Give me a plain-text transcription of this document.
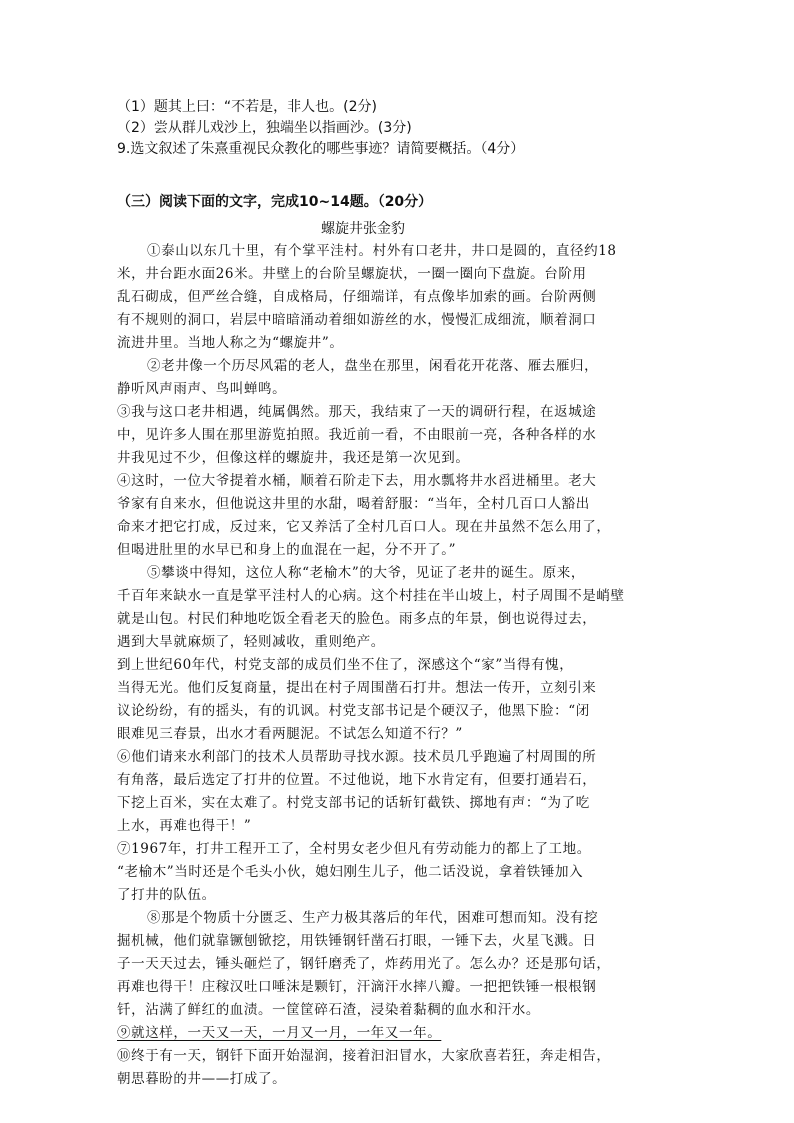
（1）题其上曰：“不若是，非人也。(2分)
（2）尝从群儿戏沙上，独端坐以指画沙。(3分)
9.选文叙述了朱熹重视民众教化的哪些事迹？请简要概括。（4分）
（三）阅读下面的文字，完成10~14题。（20分）
螺旋井张金豹
①泰山以东几十里，有个掌平洼村。村外有口老井，井口是圆的，直径约18
米，井台距水面26米。井壁上的台阶呈螺旋状，一圈一圈向下盘旋。台阶用
乱石砌成，但严丝合缝，自成格局，仔细端详，有点像毕加索的画。台阶两侧
有不规则的洞口，岩层中暗暗涌动着细如游丝的水，慢慢汇成细流，顺着洞口
流进井里。当地人称之为“螺旋井”。
②老井像一个历尽风霜的老人，盘坐在那里，闲看花开花落、雁去雁归，
静听风声雨声、鸟叫蝉鸣。
③我与这口老井相遇，纯属偶然。那天，我结束了一天的调研行程，在返城途
中，见许多人围在那里游览拍照。我近前一看，不由眼前一亮，各种各样的水
井我见过不少，但像这样的螺旋井，我还是第一次见到。
④这时，一位大爷提着水桶，顺着石阶走下去，用水瓢将井水舀进桶里。老大
爷家有自来水，但他说这井里的水甜，喝着舒服：“当年，全村几百口人豁出
命来才把它打成，反过来，它又养活了全村几百口人。现在井虽然不怎么用了，
但喝进肚里的水早已和身上的血混在一起，分不开了。”
⑤攀谈中得知，这位人称“老榆木”的大爷，见证了老井的诞生。原来，
千百年来缺水一直是掌平洼村人的心病。这个村挂在半山坡上，村子周围不是峭壁
就是山包。村民们种地吃饭全看老天的脸色。雨多点的年景，倒也说得过去，
遇到大旱就麻烦了，轻则减收，重则绝产。
到上世纪60年代，村党支部的成员们坐不住了，深感这个“家”当得有愧，
当得无光。他们反复商量，提出在村子周围凿石打井。想法一传开，立刻引来
议论纷纷，有的摇头，有的讥讽。村党支部书记是个硬汉子，他黑下脸：“闭
眼难见三春景，出水才看两腿泥。不试怎么知道不行？”
⑥他们请来水利部门的技术人员帮助寻找水源。技术员几乎跑遍了村周围的所
有角落，最后选定了打井的位置。不过他说，地下水肯定有，但要打通岩石，
下挖上百米，实在太难了。村党支部书记的话斩钉截铁、掷地有声：“为了吃
上水，再难也得干！”
⑦1967年，打井工程开工了，全村男女老少但凡有劳动能力的都上了工地。
“老榆木”当时还是个毛头小伙，媳妇刚生儿子，他二话没说，拿着铁锤加入
了打井的队伍。
⑧那是个物质十分匮乏、生产力极其落后的年代，困难可想而知。没有挖
掘机械，他们就靠镢刨锨挖，用铁锤钢钎凿石打眼，一锤下去，火星飞溅。日
子一天天过去，锤头砸烂了，钢钎磨秃了，炸药用光了。怎么办？还是那句话，
再难也得干！庄稼汉吐口唾沫是颗钉，汗滴汗水摔八瓣。一把把铁锤一根根钢
钎，沾满了鲜红的血渍。一筐筐碎石渣，浸染着黏稠的血水和汗水。
⑨就这样，一天又一天，一月又一月，一年又一年。
⑩终于有一天，钢钎下面开始湿润，接着汩汩冒水，大家欣喜若狂，奔走相告，
朝思暮盼的井——打成了。
